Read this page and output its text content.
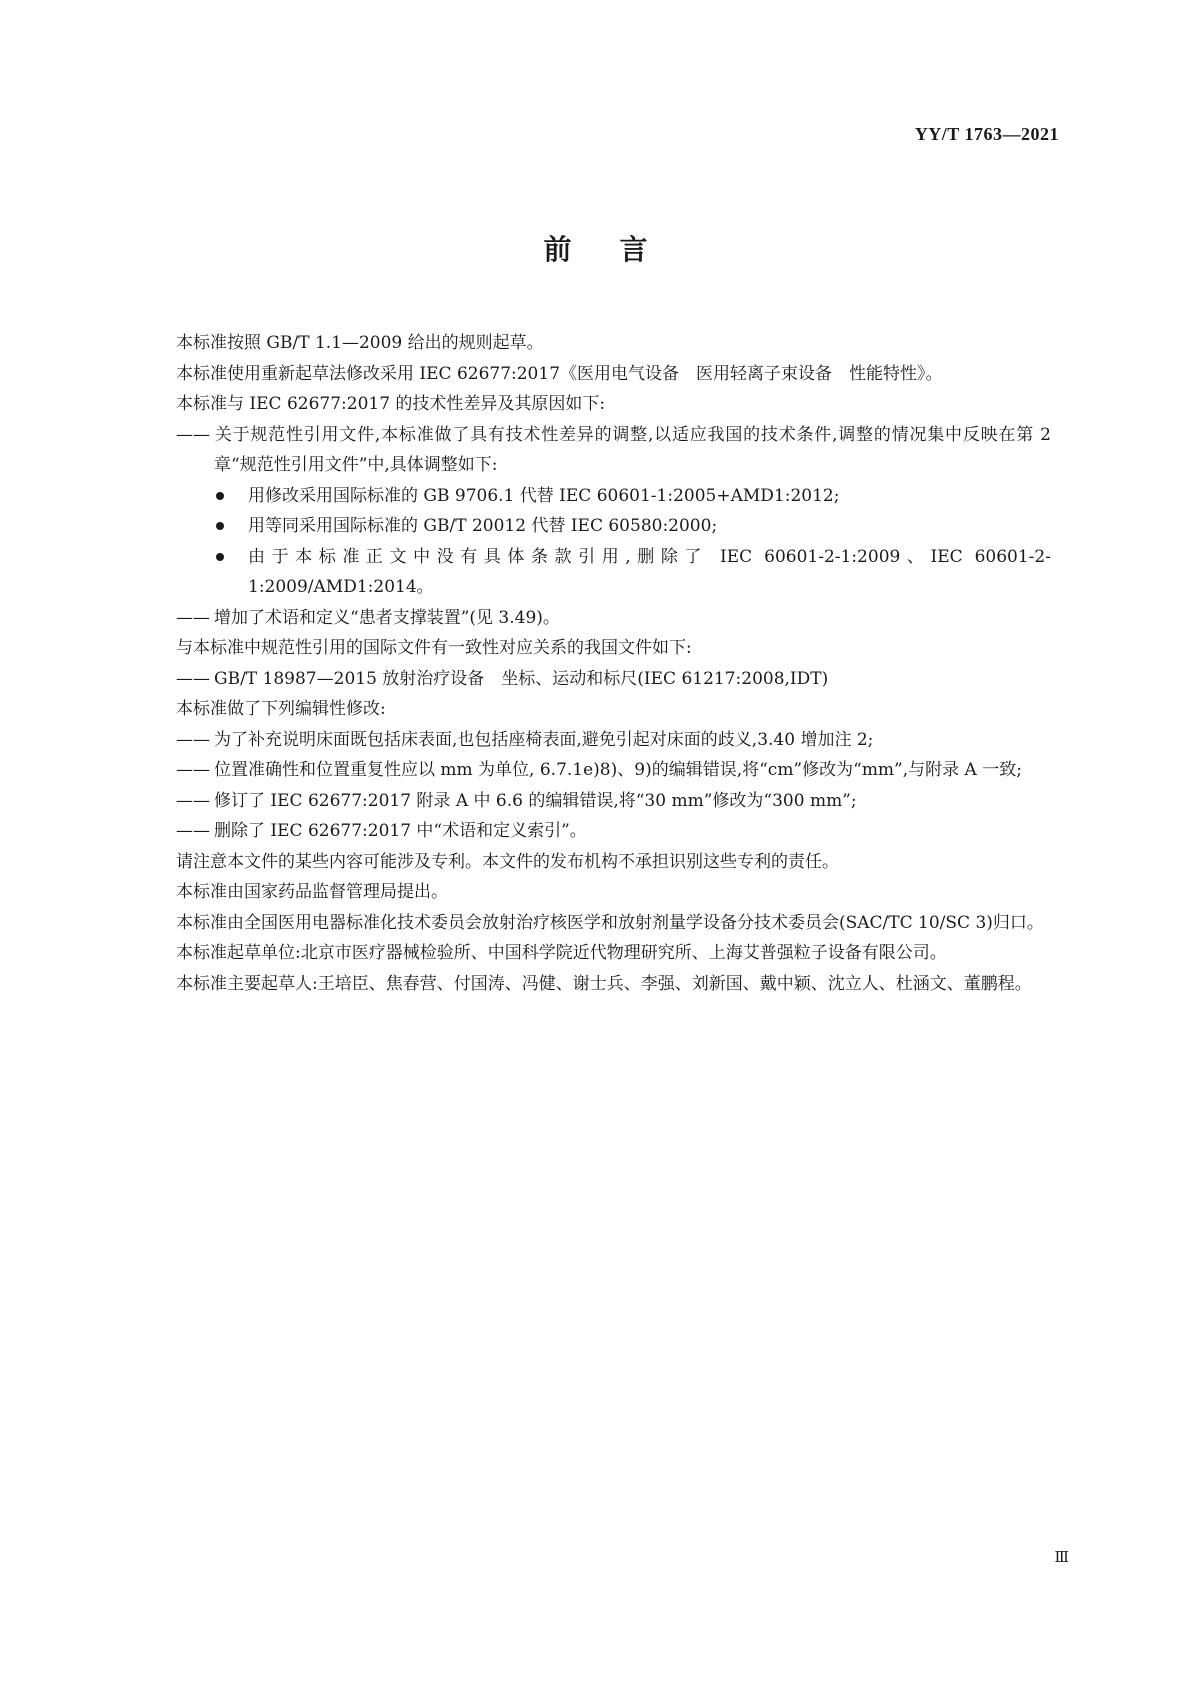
YY/T 1763—2021
前言

本标准按照 GB/T 1.1—2009 给出的规则起草。

本标准使用重新起草法修改采用 IEC 62677:2017《医用电气设备　医用轻离子束设备　性能特性》。

本标准与 IEC 62677:2017 的技术性差异及其原因如下:

—— 关于规范性引用文件,本标准做了具有技术性差异的调整,以适应我国的技术条件,调整的情况集中反映在第 2 章“规范性引用文件”中,具体调整如下:
用修改采用国际标准的 GB 9706.1 代替 IEC 60601-1:2005+AMD1:2012;
用等同采用国际标准的 GB/T 20012 代替 IEC 60580:2000;
由于本标准正文中没有具体条款引用,删除了 IEC 60601-2-1:2009、IEC 60601-2-1:2009/AMD1:2014。
—— 增加了术语和定义“患者支撑装置”(见 3.49)。

与本标准中规范性引用的国际文件有一致性对应关系的我国文件如下:

—— GB/T 18987—2015 放射治疗设备　坐标、运动和标尺(IEC 61217:2008,IDT)

本标准做了下列编辑性修改:

—— 为了补充说明床面既包括床表面,也包括座椅表面,避免引起对床面的歧义,3.40 增加注 2;
—— 位置准确性和位置重复性应以 mm 为单位, 6.7.1e)8)、9)的编辑错误,将“cm”修改为“mm”,与附录 A 一致;
—— 修订了 IEC 62677:2017 附录 A 中 6.6 的编辑错误,将“30 mm”修改为“300 mm”;
—— 删除了 IEC 62677:2017 中“术语和定义索引”。

请注意本文件的某些内容可能涉及专利。本文件的发布机构不承担识别这些专利的责任。

本标准由国家药品监督管理局提出。

本标准由全国医用电器标准化技术委员会放射治疗核医学和放射剂量学设备分技术委员会(SAC/TC 10/SC 3)归口。

本标准起草单位:北京市医疗器械检验所、中国科学院近代物理研究所、上海艾普强粒子设备有限公司。

本标准主要起草人:王培臣、焦春营、付国涛、冯健、谢士兵、李强、刘新国、戴中颖、沈立人、杜涵文、董鹏程。

Ⅲ
